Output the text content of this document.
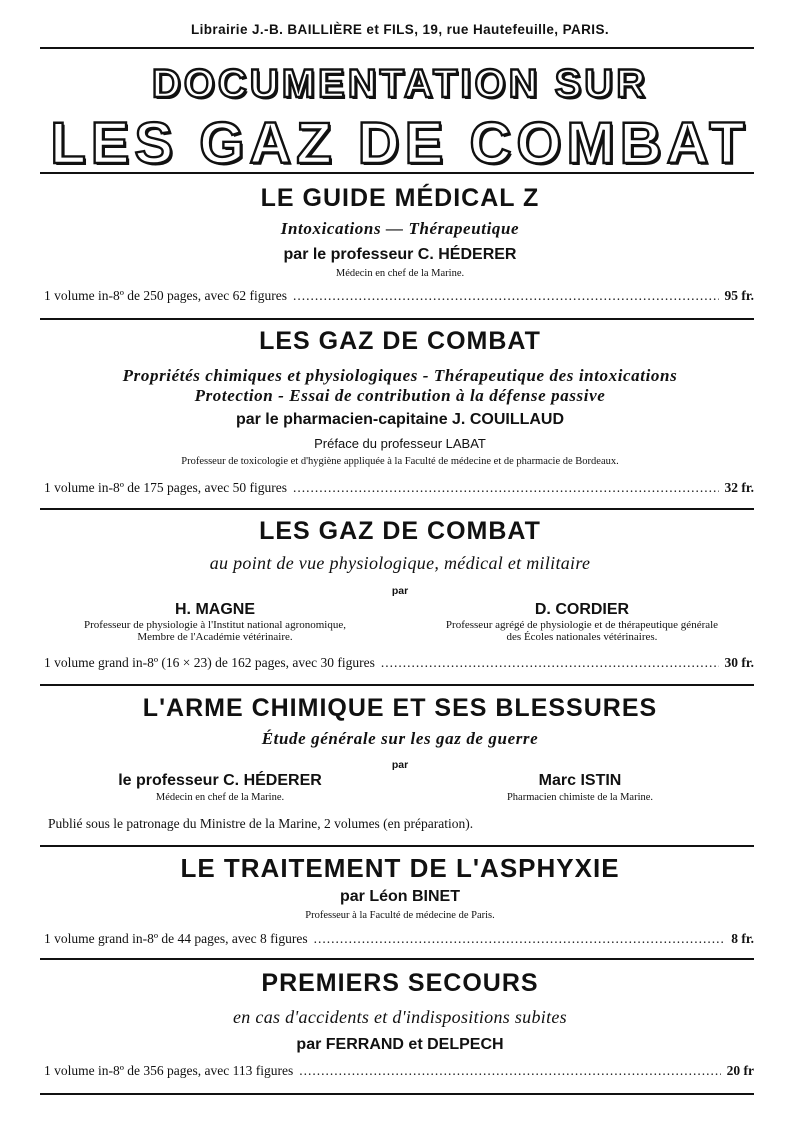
Librairie J.-B. BAILLIÈRE et FILS, 19, rue Hautefeuille, PARIS.
DOCUMENTATION SUR
LES GAZ DE COMBAT
LE GUIDE MÉDICAL Z
Intoxications — Thérapeutique
par le professeur C. HÉDERER
Médecin en chef de la Marine.
1 volume in-8º de 250 pages, avec 62 figures .....	95 fr.
LES GAZ DE COMBAT
Propriétés chimiques et physiologiques - Thérapeutique des intoxications
Protection - Essai de contribution à la défense passive
par le pharmacien-capitaine J. COUILLAUD
Préface du professeur LABAT
Professeur de toxicologie et d'hygiène appliquée à la Faculté de médecine et de pharmacie de Bordeaux.
1 volume in-8º de 175 pages, avec 50 figures .....	32 fr.
LES GAZ DE COMBAT
au point de vue physiologique, médical et militaire
par
H. MAGNE
Professeur de physiologie à l'Institut national agronomique,
Membre de l'Académie vétérinaire.
D. CORDIER
Professeur agrégé de physiologie et de thérapeutique générale
des Écoles nationales vétérinaires.
1 volume grand in-8º (16 × 23) de 162 pages, avec 30 figures .....	30 fr.
L'ARME CHIMIQUE ET SES BLESSURES
Étude générale sur les gaz de guerre
par
le professeur C. HÉDERER
Médecin en chef de la Marine.
Marc ISTIN
Pharmacien chimiste de la Marine.
Publié sous le patronage du Ministre de la Marine, 2 volumes (en préparation).
LE TRAITEMENT DE L'ASPHYXIE
par Léon BINET
Professeur à la Faculté de médecine de Paris.
1 volume grand in-8º de 44 pages, avec 8 figures .....	8 fr.
PREMIERS SECOURS
en cas d'accidents et d'indispositions subites
par FERRAND et DELPECH
1 volume in-8º de 356 pages, avec 113 figures .....	20 fr
